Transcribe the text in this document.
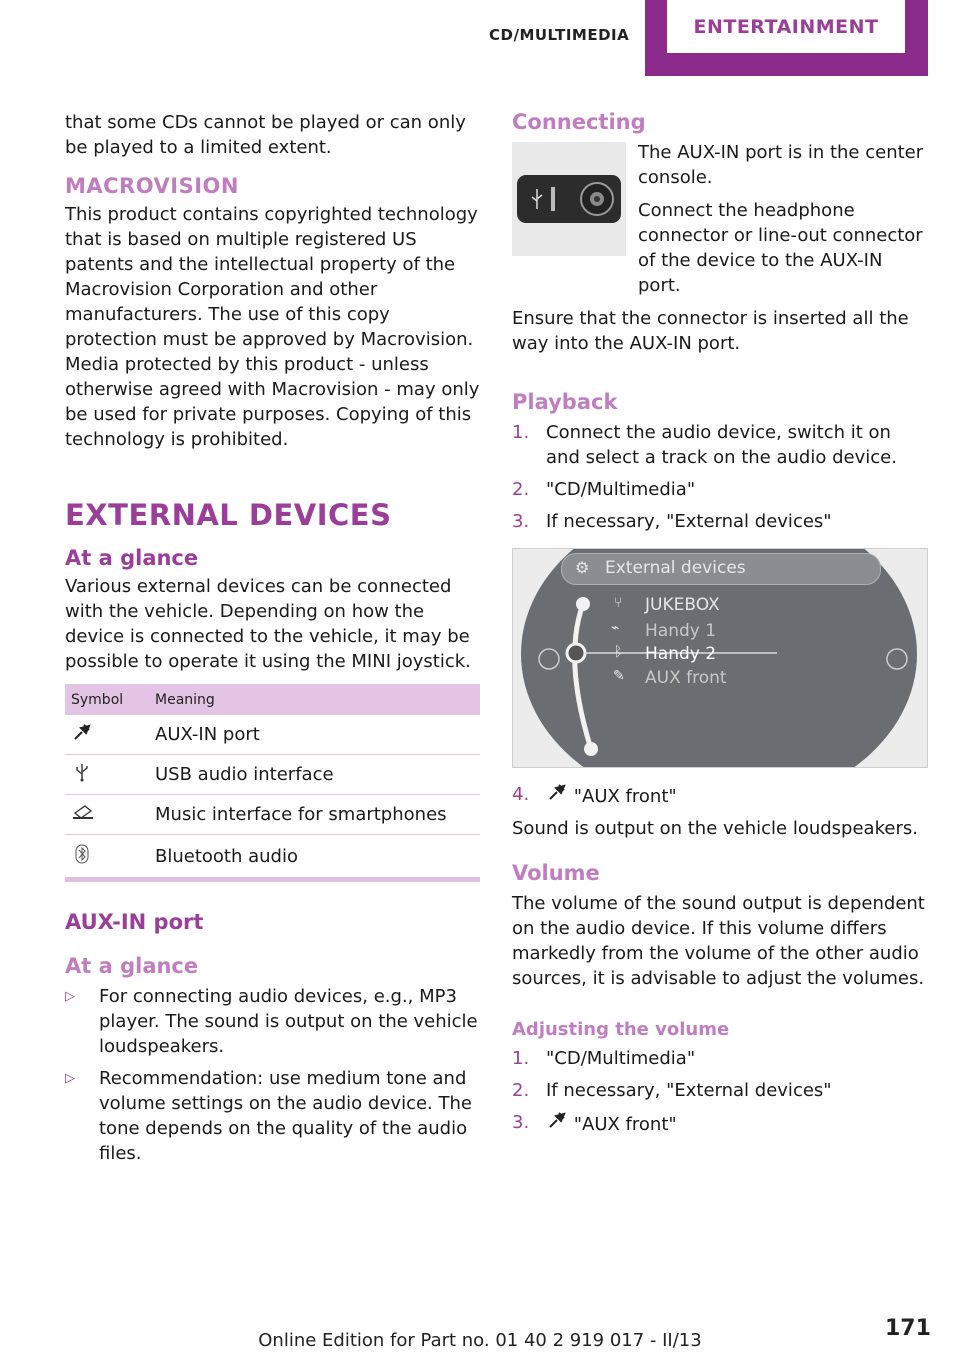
CD/MULTIMEDIA	ENTERTAINMENT

that some CDs cannot be played or can only be played to a limited extent.

MACROVISION

This product contains copyrighted technology that is based on multiple registered US patents and the intellectual property of the Macrovision Corporation and other manufacturers. The use of this copy protection must be approved by Macrovision. Media protected by this product - unless otherwise agreed with Macrovision - may only be used for private purposes. Copying of this technology is prohibited.

EXTERNAL DEVICES
At a glance

Various external devices can be connected with the vehicle. Depending on how the device is connected to the vehicle, it may be possible to operate it using the MINI joystick.

Symbol	Meaning
	AUX-IN port
	USB audio interface
	Music interface for smartphones
	Bluetooth audio
AUX-IN port
At a glance
▷ For connecting audio devices, e.g., MP3 player. The sound is output on the vehicle loudspeakers.
▷ Recommendation: use medium tone and volume settings on the audio device. The tone depends on the quality of the audio files.
Connecting

The AUX-IN port is in the center console.

Connect the headphone connector or line-out connector of the device to the AUX-IN port.

Ensure that the connector is inserted all the way into the AUX-IN port.

Playback
1. Connect the audio device, switch it on and select a track on the audio device.
2. "CD/Multimedia"
3. If necessary, "External devices"
⚙ External devices
⑂ JUKEBOX
⌁ Handy 1
ᛒ Handy 2
✎ AUX front
4. "AUX front"

Sound is output on the vehicle loudspeakers.

Volume

The volume of the sound output is dependent on the audio device. If this volume differs markedly from the volume of the other audio sources, it is advisable to adjust the volumes.

Adjusting the volume
1. "CD/Multimedia"
2. If necessary, "External devices"
3. "AUX front"
171
Online Edition for Part no. 01 40 2 919 017 - II/13
